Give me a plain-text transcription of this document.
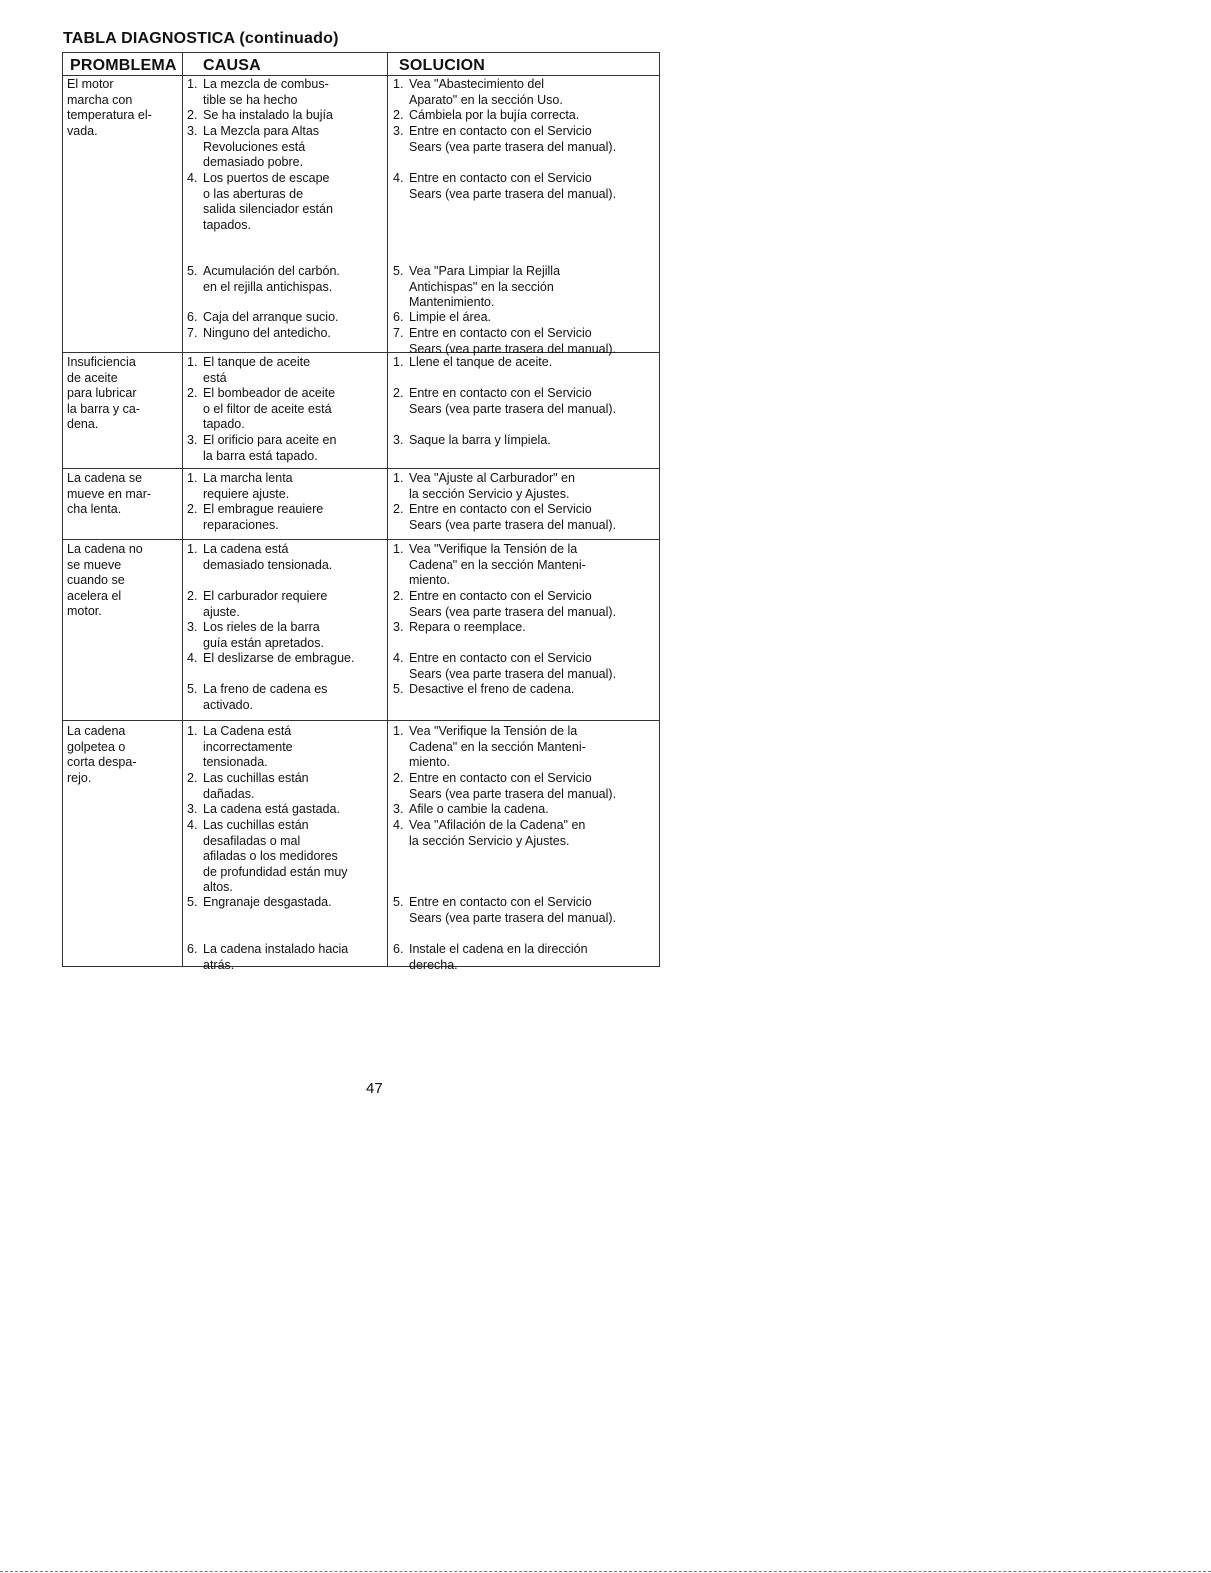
TABLA DIAGNOSTICA (continuado)
PROMBLEMA CAUSA	SOLUCION
El motor
marcha con
temperatura el-
vada.
1. La mezcla de combus-
tible se ha hecho
2. Se ha instalado la bujía
3. La Mezcla para Altas
Revoluciones está
demasiado pobre.
4. Los puertos de escape
o las aberturas de
salida silenciador están
tapados.
5. Acumulación del carbón.
en el rejilla antichispas.
6. Caja del arranque sucio.
7. Ninguno del antedicho.
1. Vea "Abastecimiento del
Aparato" en la sección Uso.
2. Cámbiela por la bujía correcta.
3. Entre en contacto con el Servicio
Sears (vea parte trasera del manual).
4. Entre en contacto con el Servicio
Sears (vea parte trasera del manual).
5. Vea "Para Limpiar la Rejilla
Antichispas" en la sección
Mantenimiento.
6. Limpie el área.
7. Entre en contacto con el Servicio
Sears (vea parte trasera del manual).
Insuficiencia
de aceite
para lubricar
la barra y ca-
dena.
1. El tanque de aceite
está
2. El bombeador de aceite
o el filtor de aceite está
tapado.
3. El orificio para aceite en
la barra está tapado.
1. Llene el tanque de aceite.
2. Entre en contacto con el Servicio
Sears (vea parte trasera del manual).
3. Saque la barra y límpiela.
La cadena se
mueve en mar-
cha lenta.
1. La marcha lenta
requiere ajuste.
2. El embrague reauiere
reparaciones.
1. Vea "Ajuste al Carburador" en
la sección Servicio y Ajustes.
2. Entre en contacto con el Servicio
Sears (vea parte trasera del manual).
La cadena no
se mueve
cuando se
acelera el
motor.
1. La cadena está
demasiado tensionada.
2. El carburador requiere
ajuste.
3. Los rieles de la barra
guía están apretados.
4. El deslizarse de embrague.
5. La freno de cadena es
activado.
1. Vea "Verifique la Tensión de la
Cadena" en la sección Manteni-
miento.
2. Entre en contacto con el Servicio
Sears (vea parte trasera del manual).
3. Repara o reemplace.
4. Entre en contacto con el Servicio
Sears (vea parte trasera del manual).
5. Desactive el freno de cadena.
La cadena
golpetea o
corta despa-
rejo.
1. La Cadena está
incorrectamente
tensionada.
2. Las cuchillas están
dañadas.
3. La cadena está gastada.
4. Las cuchillas están
desafiladas o mal
afiladas o los medidores
de profundidad están muy
altos.
5. Engranaje desgastada.
6. La cadena instalado hacia
atrás.
1. Vea "Verifique la Tensión de la
Cadena" en la sección Manteni-
miento.
2. Entre en contacto con el Servicio
Sears (vea parte trasera del manual).
3. Afile o cambie la cadena.
4. Vea "Afilación de la Cadena" en
la sección Servicio y Ajustes.
5. Entre en contacto con el Servicio
Sears (vea parte trasera del manual).
6. Instale el cadena en la dirección
derecha.
47
